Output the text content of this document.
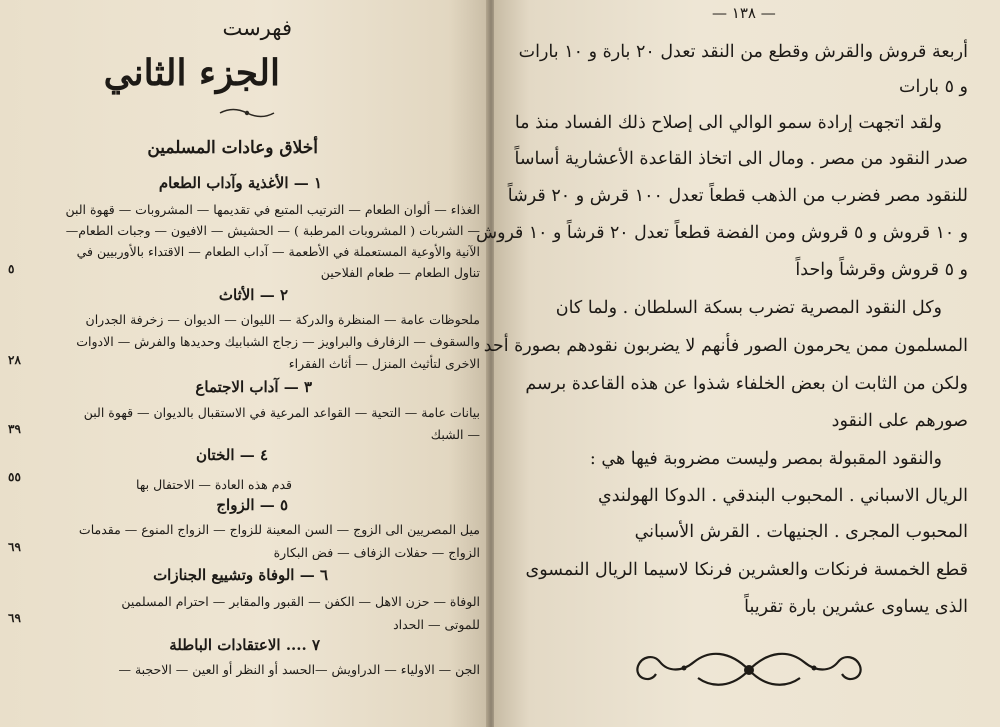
فهرست
الجزء الثاني
أخلاق وعادات المسلمين
١ — الأغذية وآداب الطعام
الغذاء — ألوان الطعام — الترتيب المتبع في تقديمها — المشروبات — قهوة البن
— الشربات ( المشروبات المرطبة ) — الحشيش — الافيون — وجبات الطعام—
الآنية والأوعية المستعملة في الأطعمة — آداب الطعام — الاقتداء بالأوربيين في
تناول الطعام — طعام الفلاحين
٥
٢ — الأثاث
ملحوظات عامة — المنظرة والدركة — الليوان — الديوان — زخرفة الجدران
والسقوف — الزفارف والبراويز — زجاج الشبابيك وحديدها والفرش — الادوات
الاخرى لتأثيث المنزل — أثاث الفقراء
٢٨
٣ — آداب الاجتماع
بيانات عامة — التحية — القواعد المرعية في الاستقبال بالديوان — قهوة البن
— الشبك
٣٩
٤ — الختان
قدم هذه العادة — الاحتفال بها
٥٥
٥ — الزواج
ميل المصريين الى الزوج — السن المعينة للزواج — الزواج المنوع — مقدمات
الزواج — حفلات الزفاف — فض البكارة
٦٩
٦ — الوفاة وتشييع الجنازات
الوفاة — حزن الاهل — الكفن — القبور والمقابر — احترام المسلمين
للموتى — الحداد
٦٩
٧ .... الاعتقادات الباطلة
الجن — الاولياء — الدراويش —الحسد أو النظر أو العين — الاحجبة —
— ١٣٨ —
أربعة قروش والقرش وقطع من النقد تعدل ٢٠ بارة و ١٠ بارات
و ٥ بارات
ولقد اتجهت إرادة سمو الوالي الى إصلاح ذلك الفساد منذ ما
صدر النقود من مصر . ومال الى اتخاذ القاعدة الأعشارية أساساً
للنقود مصر فضرب من الذهب قطعاً تعدل ١٠٠ قرش و ٢٠ قرشاً
و ١٠ قروش و ٥ قروش ومن الفضة قطعاً تعدل ٢٠ قرشاً و ١٠ قروش
و ٥ قروش وقرشاً واحداً
وكل النقود المصرية تضرب بسكة السلطان . ولما كان
المسلمون ممن يحرمون الصور فأنهم لا يضربون نقودهم بصورة أحد
ولكن من الثابت ان بعض الخلفاء شذوا عن هذه القاعدة برسم
صورهم على النقود
والنقود المقبولة بمصر وليست مضروبة فيها هي :
الريال الاسباني . المحبوب البندقي . الدوكا الهولندي
المحبوب المجرى . الجنيهات . القرش الأسباني
قطع الخمسة فرنكات والعشرين فرنكا لاسيما الريال النمسوى
الذى يساوى عشرين بارة تقريباً
